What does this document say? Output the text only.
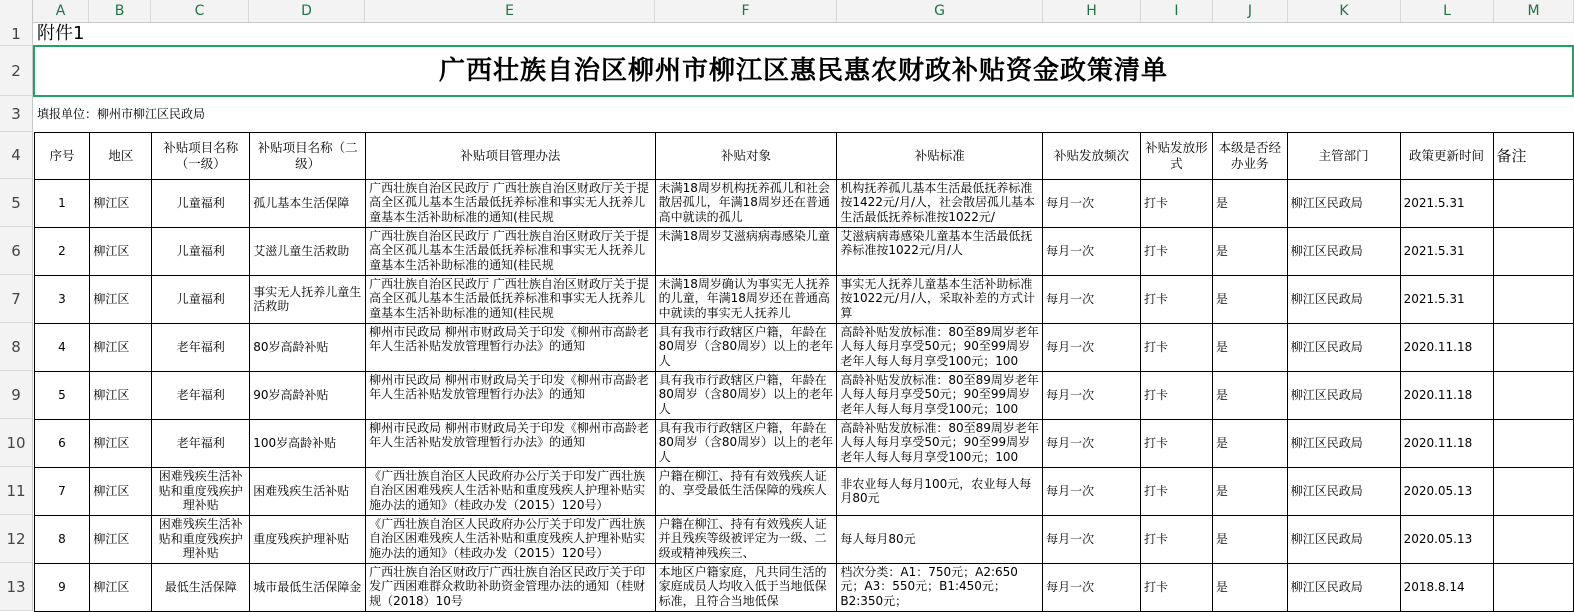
A	B	C	D	E	F	G	H	I	J	K	L	M
1
2
3
4
5
6
7
8
9
10
11
12
13
附件1												
广西壮族自治区柳州市柳江区惠民惠农财政补贴资金政策清单												
填报单位：柳州市柳江区民政局												
序号	地区	补贴项目名称（一级）	补贴项目名称（二级）	补贴项目管理办法	补贴对象	补贴标准	补贴发放频次	补贴发放形式	本级是否经办业务	主管部门	政策更新时间	备注
1	柳江区	儿童福利	孤儿基本生活保障	广西壮族自治区民政厅 广西壮族自治区财政厅关于提高全区孤儿基本生活最低抚养标准和事实无人抚养儿童基本生活补助标准的通知(桂民规	未满18周岁机构抚养孤儿和社会散居孤儿，年满18周岁还在普通高中就读的孤儿	机构抚养孤儿基本生活最低抚养标准按1422元/月/人，社会散居孤儿基本生活最低抚养标准按1022元/	每月一次	打卡	是	柳江区民政局	2021.5.31	
2	柳江区	儿童福利	艾滋儿童生活救助	广西壮族自治区民政厅 广西壮族自治区财政厅关于提高全区孤儿基本生活最低抚养标准和事实无人抚养儿童基本生活补助标准的通知(桂民规	未满18周岁艾滋病病毒感染儿童	艾滋病病毒感染儿童基本生活最低抚养标准按1022元/月/人	每月一次	打卡	是	柳江区民政局	2021.5.31	
3	柳江区	儿童福利	事实无人抚养儿童生活救助	广西壮族自治区民政厅 广西壮族自治区财政厅关于提高全区孤儿基本生活最低抚养标准和事实无人抚养儿童基本生活补助标准的通知(桂民规	未满18周岁确认为事实无人抚养的儿童，年满18周岁还在普通高中就读的事实无人抚养儿	事实无人抚养儿童基本生活补助标准按1022元/月/人，采取补差的方式计算	每月一次	打卡	是	柳江区民政局	2021.5.31	
4	柳江区	老年福利	80岁高龄补贴	柳州市民政局 柳州市财政局关于印发《柳州市高龄老年人生活补贴发放管理暂行办法》的通知	具有我市行政辖区户籍，年龄在80周岁（含80周岁）以上的老年人	高龄补贴发放标准：80至89周岁老年人每人每月享受50元；90至99周岁老年人每人每月享受100元；100	每月一次	打卡	是	柳江区民政局	2020.11.18	
5	柳江区	老年福利	90岁高龄补贴	柳州市民政局 柳州市财政局关于印发《柳州市高龄老年人生活补贴发放管理暂行办法》的通知	具有我市行政辖区户籍，年龄在80周岁（含80周岁）以上的老年人	高龄补贴发放标准：80至89周岁老年人每人每月享受50元；90至99周岁老年人每人每月享受100元；100	每月一次	打卡	是	柳江区民政局	2020.11.18	
6	柳江区	老年福利	100岁高龄补贴	柳州市民政局 柳州市财政局关于印发《柳州市高龄老年人生活补贴发放管理暂行办法》的通知	具有我市行政辖区户籍，年龄在80周岁（含80周岁）以上的老年人	高龄补贴发放标准：80至89周岁老年人每人每月享受50元；90至99周岁老年人每人每月享受100元；100	每月一次	打卡	是	柳江区民政局	2020.11.18	
7	柳江区	困难残疾生活补贴和重度残疾护理补贴	困难残疾生活补贴	《广西壮族自治区人民政府办公厅关于印发广西壮族自治区困难残疾人生活补贴和重度残疾人护理补贴实施办法的通知》（桂政办发（2015）120号）	户籍在柳江、持有有效残疾人证的、享受最低生活保障的残疾人	非农业每人每月100元，农业每人每月80元	每月一次	打卡	是	柳江区民政局	2020.05.13	
8	柳江区	困难残疾生活补贴和重度残疾护理补贴	重度残疾护理补贴	《广西壮族自治区人民政府办公厅关于印发广西壮族自治区困难残疾人生活补贴和重度残疾人护理补贴实施办法的通知》（桂政办发（2015）120号）	户籍在柳江、持有有效残疾人证并且残疾等级被评定为一级、二级或精神残疾三、	每人每月80元	每月一次	打卡	是	柳江区民政局	2020.05.13	
9	柳江区	最低生活保障	城市最低生活保障金	广西壮族自治区财政厅广西壮族自治区民政厅关于印发广西困难群众救助补助资金管理办法的通知（桂财规（2018）10号	本地区户籍家庭，凡共同生活的家庭成员人均收入低于当地低保标准，且符合当地低保	档次分类：A1：750元；A2:650元；A3：550元；B1:450元；B2:350元；	每月一次	打卡	是	柳江区民政局	2018.8.14	
